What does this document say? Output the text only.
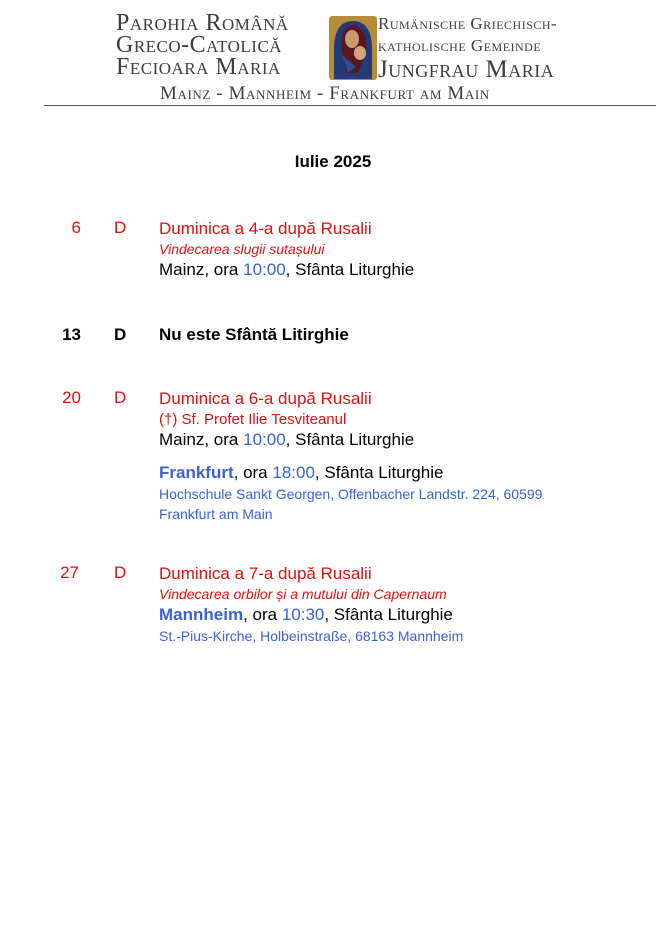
Parohia Română
Greco-Catolică
Fecioara Maria
Rumänische Griechisch-
katholische Gemeinde
Jungfrau Maria
Mainz - Mannheim - Frankfurt am Main
Iulie 2025
6 D Duminica a 4-a după Rusalii
Vindecarea slugii sutașului
Mainz, ora 10:00, Sfânta Liturghie
13 D Nu este Sfântă Litirghie
20 D Duminica a 6-a după Rusalii
(†) Sf. Profet Ilie Tesviteanul
Mainz, ora 10:00, Sfânta Liturghie
Frankfurt, ora 18:00, Sfânta Liturghie
Hochschule Sankt Georgen, Offenbacher Landstr. 224, 60599
Frankfurt am Main
27 D Duminica a 7-a după Rusalii
Vindecarea orbilor și a mutului din Capernaum
Mannheim, ora 10:30, Sfânta Liturghie
St.-Pius-Kirche, Holbeinstraße, 68163 Mannheim
